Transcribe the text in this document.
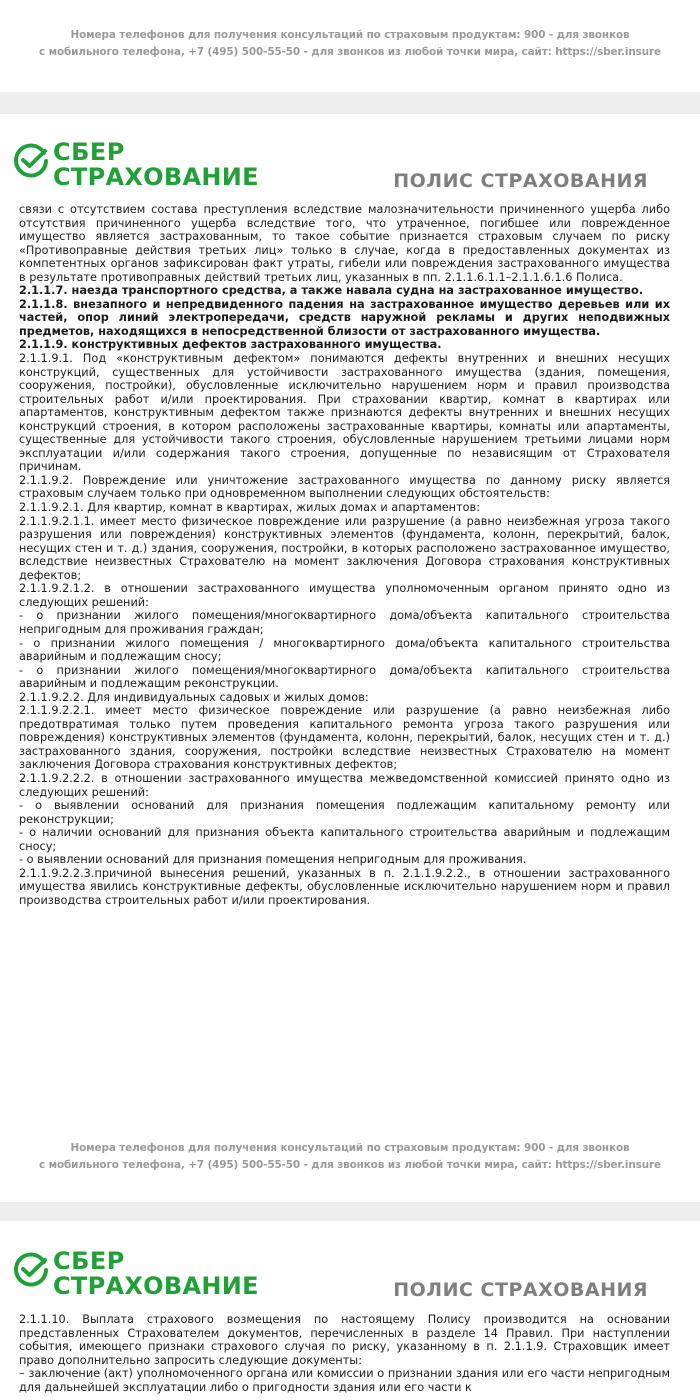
Номера телефонов для получения консультаций по страховым продуктам: 900 - для звонков
с мобильного телефона, +7 (495) 500-55-50 - для звонков из любой точки мира, сайт: https://sber.insure
СБЕР
СТРАХОВАНИЕ	ПОЛИС СТРАХОВАНИЯ

связи с отсутствием состава преступления вследствие малозначительности причиненного ущерба либо отсутствия причиненного ущерба вследствие того, что утраченное, погибшее или поврежденное имущество является застрахованным, то такое событие признается страховым случаем по риску «Противоправные действия третьих лиц» только в случае, когда в предоставленных документах из компетентных органов зафиксирован факт утраты, гибели или повреждения застрахованного имущества в результате противоправных действий третьих лиц, указанных в пп. 2.1.1.6.1.1–2.1.1.6.1.6 Полиса.

2.1.1.7. наезда транспортного средства, а также навала судна на застрахованное имущество.

2.1.1.8. внезапного и непредвиденного падения на застрахованное имущество деревьев или их частей, опор линий электропередачи, средств наружной рекламы и других неподвижных предметов, находящихся в непосредственной близости от застрахованного имущества.

2.1.1.9. конструктивных дефектов застрахованного имущества.

2.1.1.9.1. Под «конструктивным дефектом» понимаются дефекты внутренних и внешних несущих конструкций, существенных для устойчивости застрахованного имущества (здания, помещения, сооружения, постройки), обусловленные исключительно нарушением норм и правил производства строительных работ и/или проектирования. При страховании квартир, комнат в квартирах или апартаментов, конструктивным дефектом также признаются дефекты внутренних и внешних несущих конструкций строения, в котором расположены застрахованные квартиры, комнаты или апартаменты, существенные для устойчивости такого строения, обусловленные нарушением третьими лицами норм эксплуатации и/или содержания такого строения, допущенные по независящим от Страхователя причинам.

2.1.1.9.2. Повреждение или уничтожение застрахованного имущества по данному риску является страховым случаем только при одновременном выполнении следующих обстоятельств:

2.1.1.9.2.1. Для квартир, комнат в квартирах, жилых домах и апартаментов:

2.1.1.9.2.1.1. имеет место физическое повреждение или разрушение (а равно неизбежная угроза такого разрушения или повреждения) конструктивных элементов (фундамента, колонн, перекрытий, балок, несущих стен и т. д.) здания, сооружения, постройки, в которых расположено застрахованное имущество, вследствие неизвестных Страхователю на момент заключения Договора страхования конструктивных дефектов;

2.1.1.9.2.1.2. в отношении застрахованного имущества уполномоченным органом принято одно из следующих решений:

- о признании жилого помещения/многоквартирного дома/объекта капитального строительства непригодным для проживания граждан;

- о признании жилого помещения / многоквартирного дома/объекта капитального строительства аварийным и подлежащим сносу;

- о признании жилого помещения/многоквартирного дома/объекта капитального строительства аварийным и подлежащим реконструкции.

2.1.1.9.2.2. Для индивидуальных садовых и жилых домов:

2.1.1.9.2.2.1. имеет место физическое повреждение или разрушение (а равно неизбежная либо предотвратимая только путем проведения капитального ремонта угроза такого разрушения или повреждения) конструктивных элементов (фундамента, колонн, перекрытий, балок, несущих стен и т. д.) застрахованного здания, сооружения, постройки вследствие неизвестных Страхователю на момент заключения Договора страхования конструктивных дефектов;

2.1.1.9.2.2.2. в отношении застрахованного имущества межведомственной комиссией принято одно из следующих решений:

- о выявлении оснований для признания помещения подлежащим капитальному ремонту или реконструкции;

- о наличии оснований для признания объекта капитального строительства аварийным и подлежащим сносу;

- о выявлении оснований для признания помещения непригодным для проживания.

2.1.1.9.2.2.3.причиной вынесения решений, указанных в п. 2.1.1.9.2.2., в отношении застрахованного имущества явились конструктивные дефекты, обусловленные исключительно нарушением норм и правил производства строительных работ и/или проектирования.

Номера телефонов для получения консультаций по страховым продуктам: 900 - для звонков
с мобильного телефона, +7 (495) 500-55-50 - для звонков из любой точки мира, сайт: https://sber.insure
СБЕР
СТРАХОВАНИЕ	ПОЛИС СТРАХОВАНИЯ

2.1.1.10. Выплата страхового возмещения по настоящему Полису производится на основании представленных Страхователем документов, перечисленных в разделе 14 Правил. При наступлении события, имеющего признаки страхового случая по риску, указанному в п. 2.1.1.9. Страховщик имеет право дополнительно запросить следующие документы:

– заключение (акт) уполномоченного органа или комиссии о признании здания или его части непригодным для дальнейшей эксплуатации либо о пригодности здания или его части к
